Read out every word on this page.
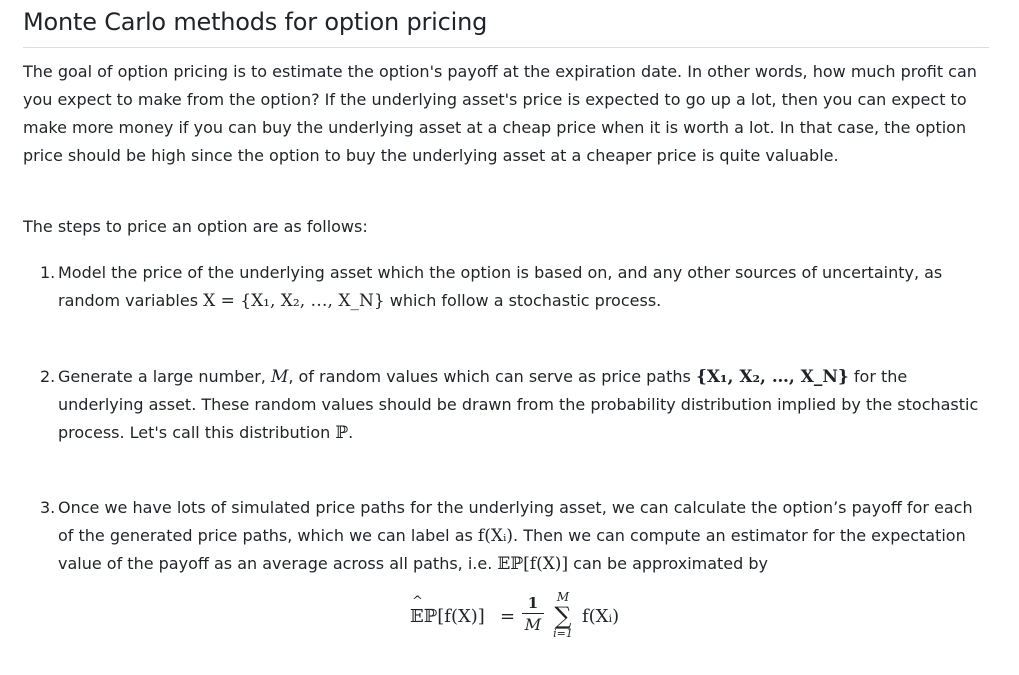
Monte Carlo methods for option pricing

The goal of option pricing is to estimate the option's payoff at the expiration date. In other words, how much profit can you expect to make from the option? If the underlying asset's price is expected to go up a lot, then you can expect to make more money if you can buy the underlying asset at a cheap price when it is worth a lot. In that case, the option price should be high since the option to buy the underlying asset at a cheaper price is quite valuable.

The steps to price an option are as follows:

1. Model the price of the underlying asset which the option is based on, and any other sources of uncertainty, as random variables X = {X₁, X₂, …, X_N} which follow a stochastic process.
2. Generate a large number, M, of random values which can serve as price paths {X₁, X₂, …, X_N} for the underlying asset. These random values should be drawn from the probability distribution implied by the stochastic process. Let's call this distribution ℙ.
3. Once we have lots of simulated price paths for the underlying asset, we can calculate the option’s payoff for each of the generated price paths, which we can label as f(Xᵢ). Then we can compute an estimator for the expectation value of the payoff as an average across all paths, i.e. 𝔼ℙ[f(X)] can be approximated by
^ 𝔼ℙ[f(X)] =
1
M
M
∑
i=1
f(Xᵢ)
